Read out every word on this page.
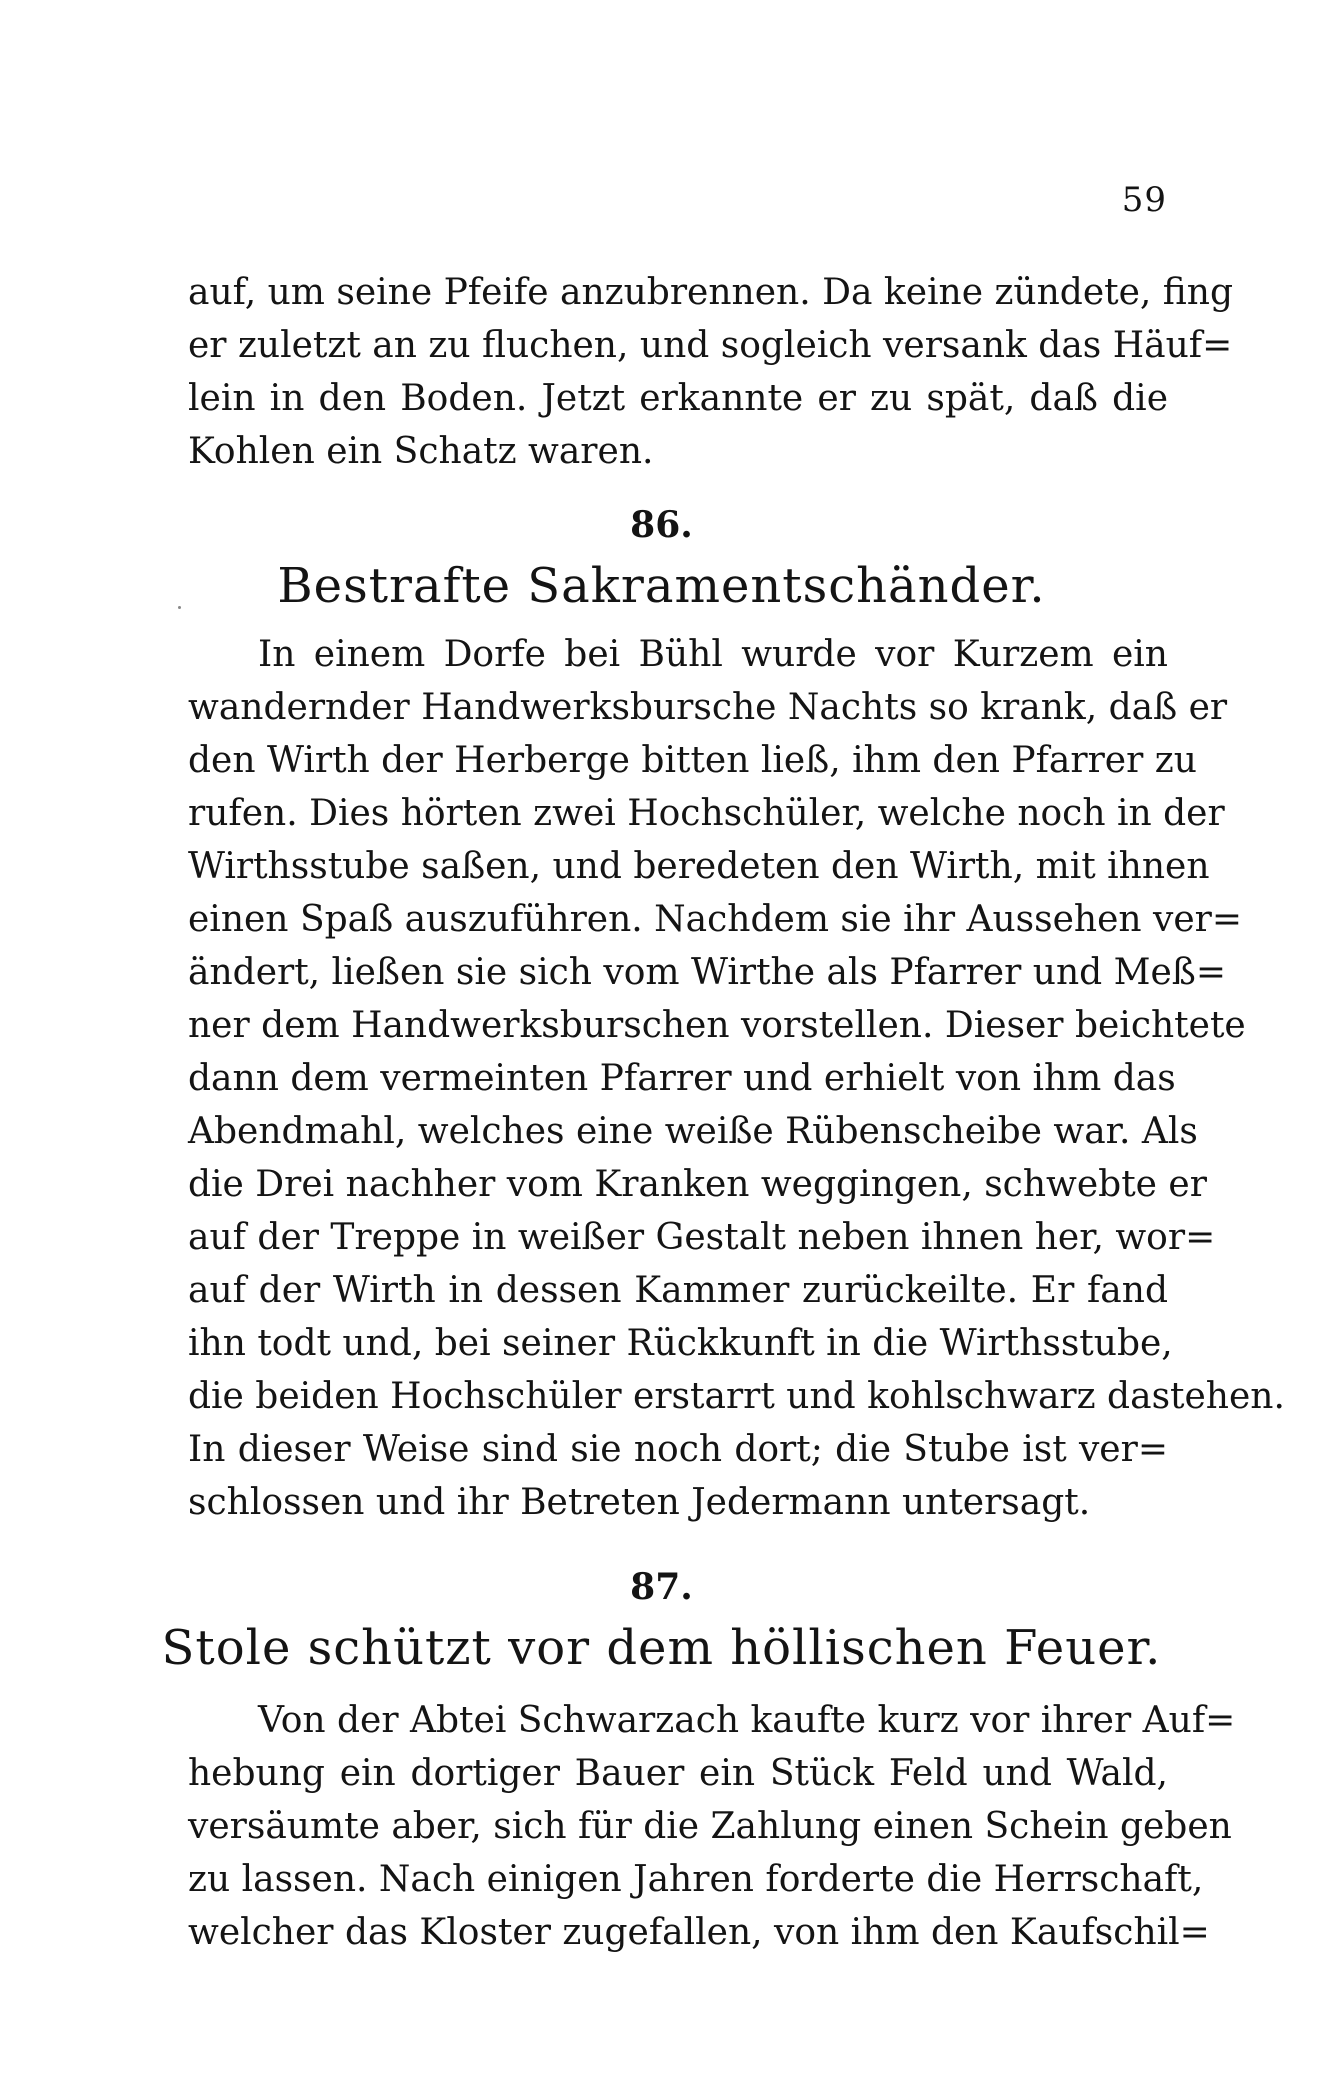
59
auf, um seine Pfeife anzubrennen. Da keine zündete, fing
er zuletzt an zu fluchen, und sogleich versank das Häuf=
lein in den Boden. Jetzt erkannte er zu spät, daß die
Kohlen ein Schatz waren.
86.
Bestrafte Sakramentschänder.
In einem Dorfe bei Bühl wurde vor Kurzem ein
wandernder Handwerksbursche Nachts so krank, daß er
den Wirth der Herberge bitten ließ, ihm den Pfarrer zu
rufen. Dies hörten zwei Hochschüler, welche noch in der
Wirthsstube saßen, und beredeten den Wirth, mit ihnen
einen Spaß auszuführen. Nachdem sie ihr Aussehen ver=
ändert, ließen sie sich vom Wirthe als Pfarrer und Meß=
ner dem Handwerksburschen vorstellen. Dieser beichtete
dann dem vermeinten Pfarrer und erhielt von ihm das
Abendmahl, welches eine weiße Rübenscheibe war. Als
die Drei nachher vom Kranken weggingen, schwebte er
auf der Treppe in weißer Gestalt neben ihnen her, wor=
auf der Wirth in dessen Kammer zurückeilte. Er fand
ihn todt und, bei seiner Rückkunft in die Wirthsstube,
die beiden Hochschüler erstarrt und kohlschwarz dastehen.
In dieser Weise sind sie noch dort; die Stube ist ver=
schlossen und ihr Betreten Jedermann untersagt.
87.
Stole schützt vor dem höllischen Feuer.
Von der Abtei Schwarzach kaufte kurz vor ihrer Auf=
hebung ein dortiger Bauer ein Stück Feld und Wald,
versäumte aber, sich für die Zahlung einen Schein geben
zu lassen. Nach einigen Jahren forderte die Herrschaft,
welcher das Kloster zugefallen, von ihm den Kaufschil=
